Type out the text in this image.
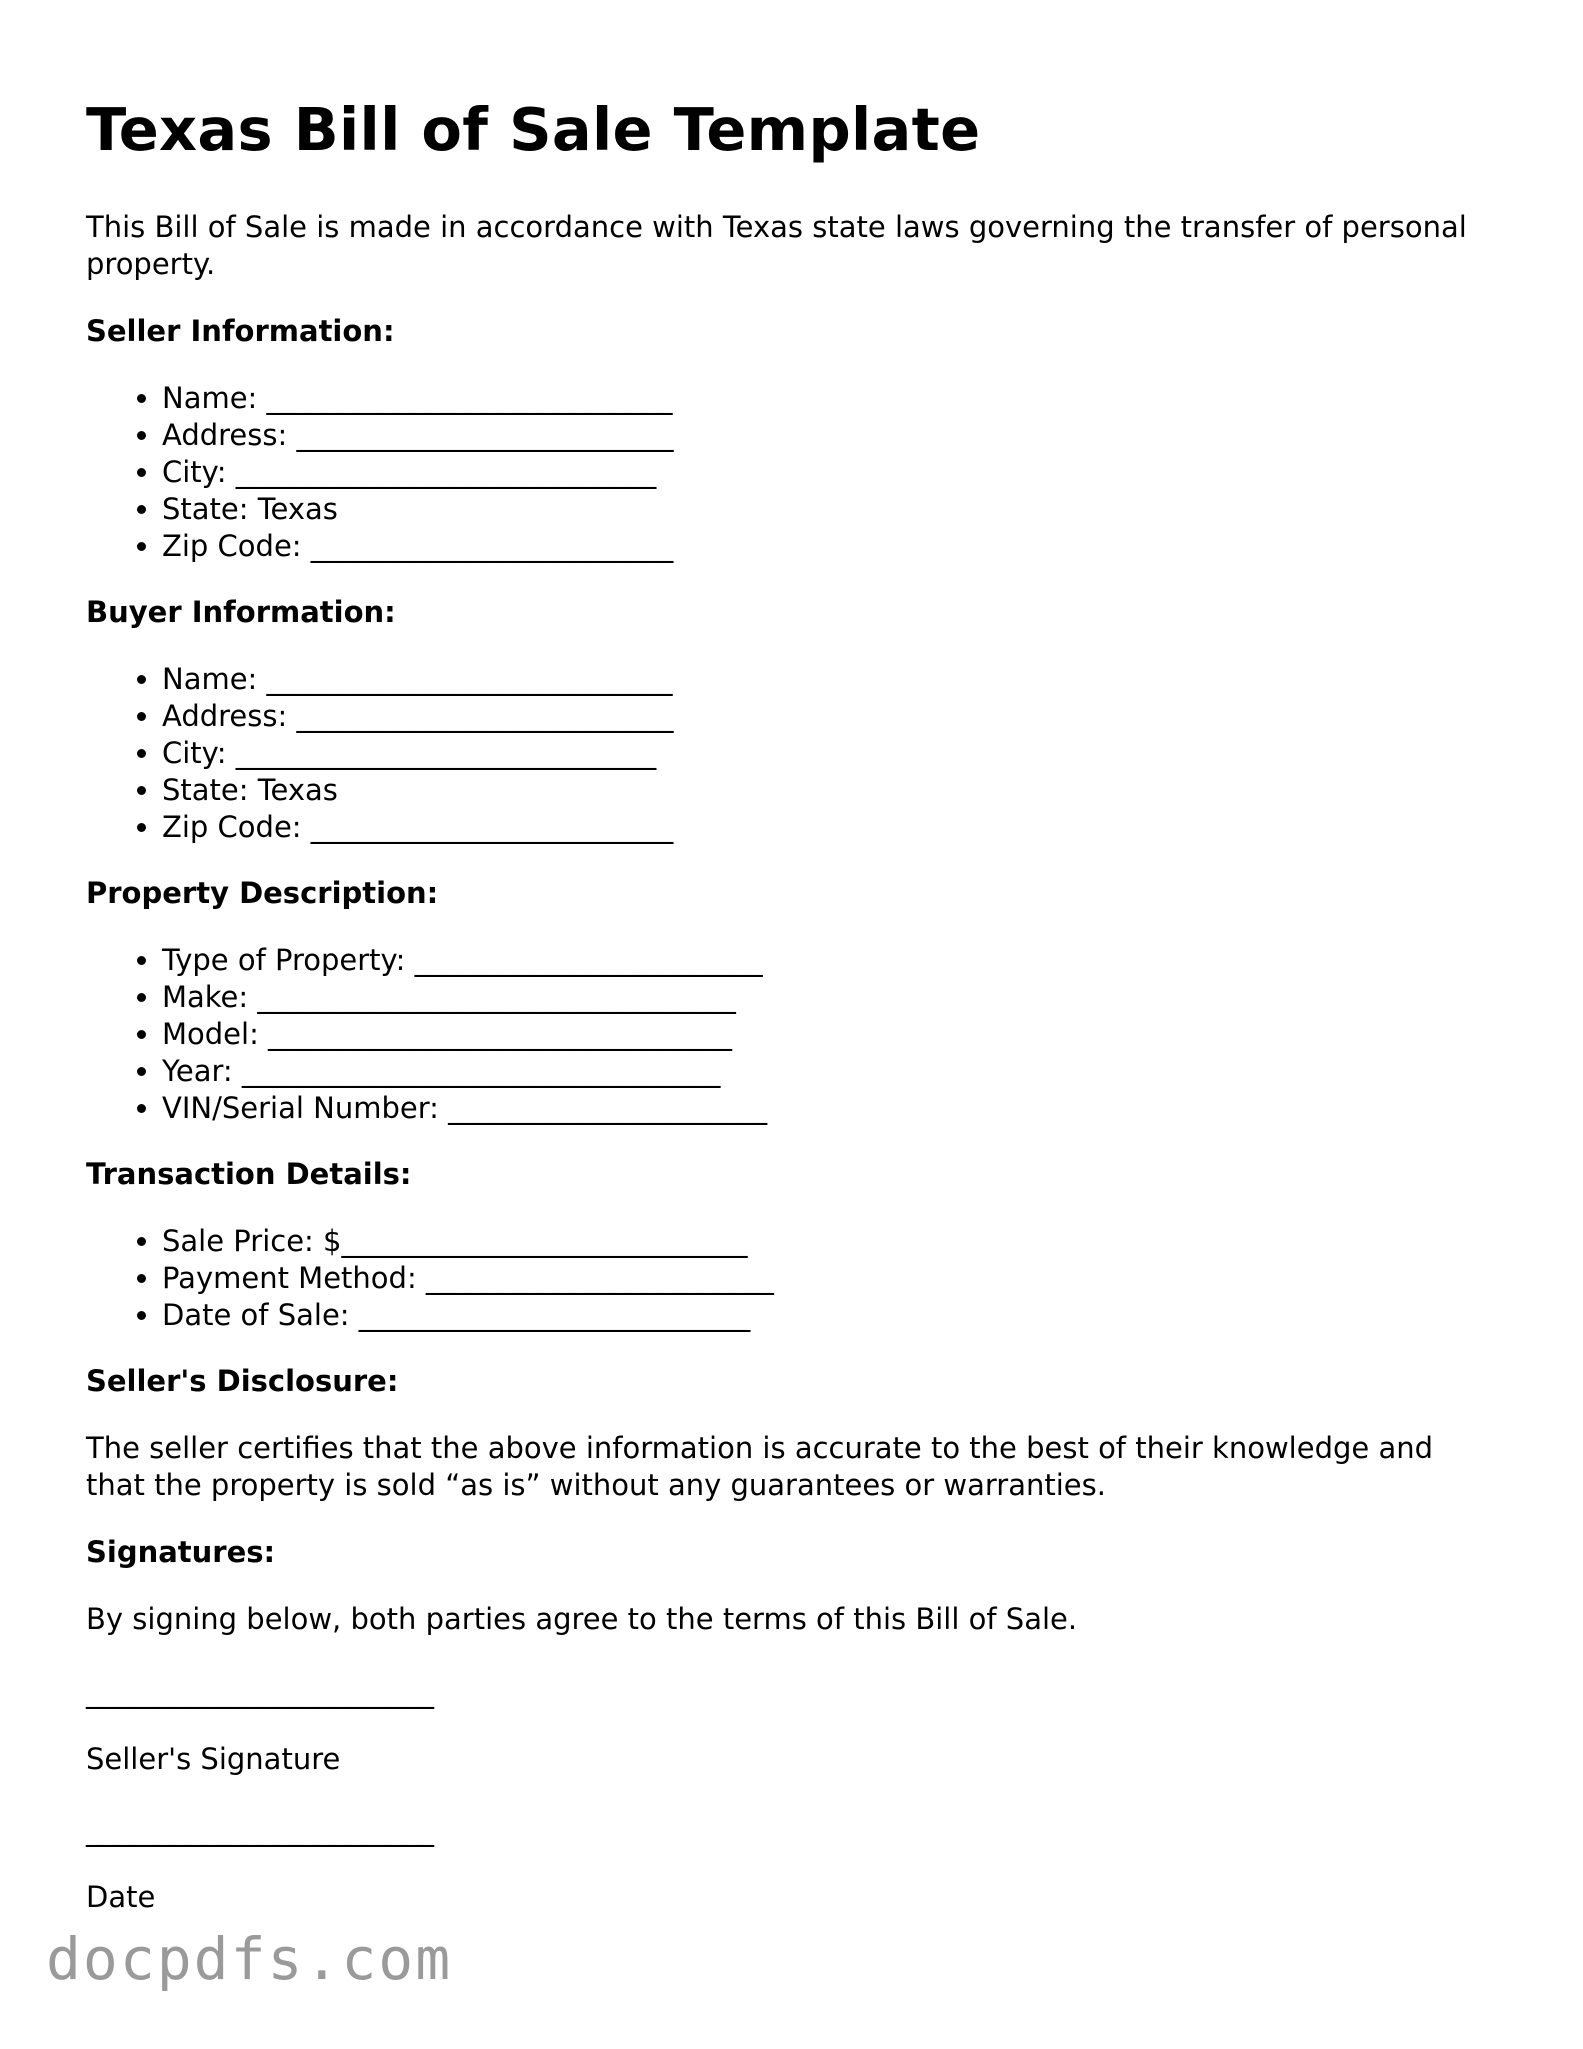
Texas Bill of Sale Template

This Bill of Sale is made in accordance with Texas state laws governing the transfer of personal property.

Seller Information:
• Name: ____________________________
• Address: __________________________
• City: _____________________________
• State: Texas
• Zip Code: _________________________
Buyer Information:
• Name: ____________________________
• Address: __________________________
• City: _____________________________
• State: Texas
• Zip Code: _________________________
Property Description:
• Type of Property: ________________________
• Make: _________________________________
• Model: ________________________________
• Year: _________________________________
• VIN/Serial Number: ______________________
Transaction Details:
• Sale Price: $____________________________
• Payment Method: ________________________
• Date of Sale: ___________________________
Seller's Disclosure:

The seller certifies that the above information is accurate to the best of their knowledge and that the property is sold “as is” without any guarantees or warranties.

Signatures:

By signing below, both parties agree to the terms of this Bill of Sale.

________________________
Seller's Signature
________________________
Date
docpdfs.com
